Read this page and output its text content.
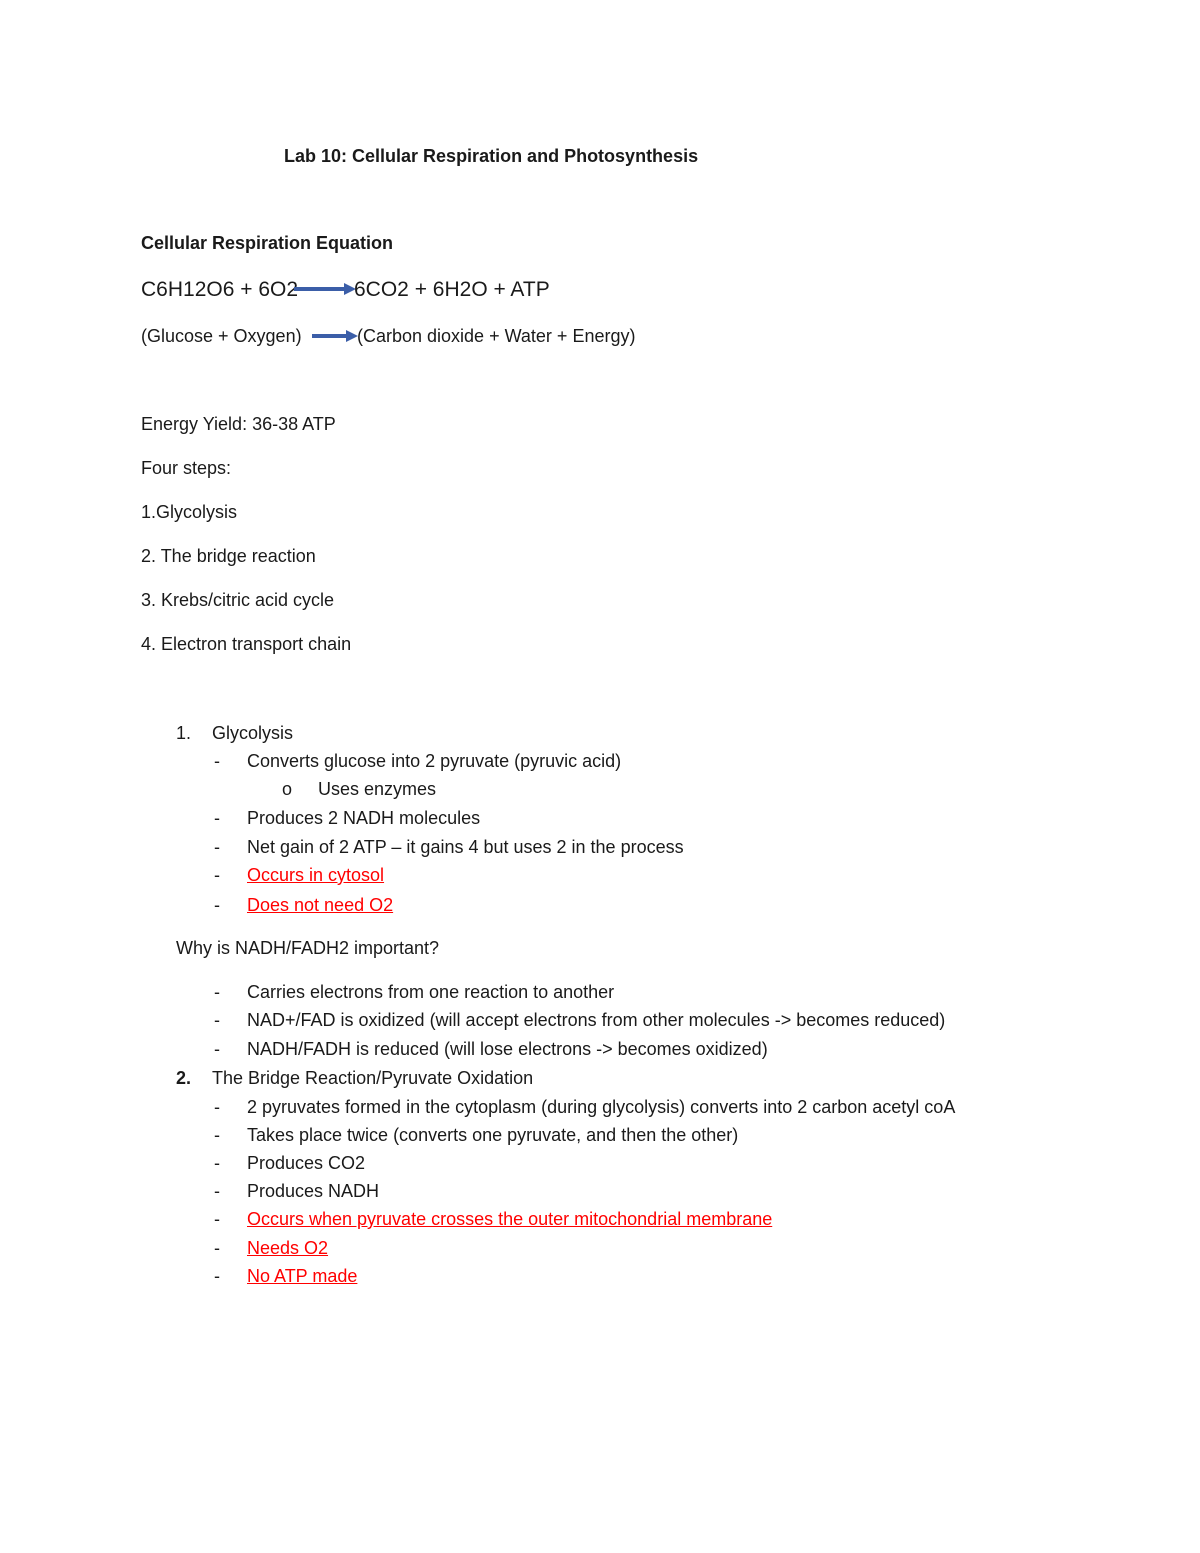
Lab 10: Cellular Respiration and Photosynthesis
Cellular Respiration Equation
C6H12O6 + 6O2	6CO2 + 6H2O + ATP
(Glucose + Oxygen)	(Carbon dioxide + Water + Energy)
Energy Yield: 36-38 ATP
Four steps:
1.Glycolysis
2. The bridge reaction
3. Krebs/citric acid cycle
4. Electron transport chain
1. Glycolysis
- Converts glucose into 2 pyruvate (pyruvic acid)
o Uses enzymes
- Produces 2 NADH molecules
- Net gain of 2 ATP – it gains 4 but uses 2 in the process
- Occurs in cytosol
- Does not need O2
Why is NADH/FADH2 important?
- Carries electrons from one reaction to another
- NAD+/FAD is oxidized (will accept electrons from other molecules -> becomes reduced)
- NADH/FADH is reduced (will lose electrons -> becomes oxidized)
2. The Bridge Reaction/Pyruvate Oxidation
- 2 pyruvates formed in the cytoplasm (during glycolysis) converts into 2 carbon acetyl coA
- Takes place twice (converts one pyruvate, and then the other)
- Produces CO2
- Produces NADH
- Occurs when pyruvate crosses the outer mitochondrial membrane
- Needs O2
- No ATP made
